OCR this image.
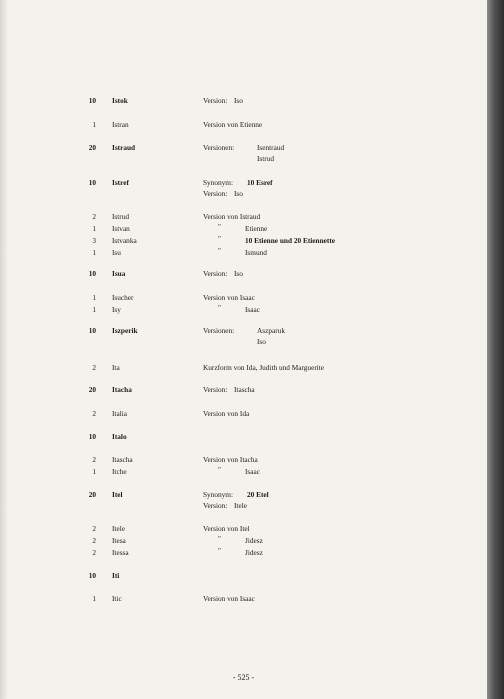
10 Istok	Version: Iso
1 Istran	Version von Etienne
20 Istraud	Versionen:	Isentraud
Istrud
10 Istref	Synonym: 10 Esref
Version: Iso
2 Istrud	Version von Istraud
1 Istvan	"	Etienne
3 Istvanka	"	10 Etienne und 20 Etiennette
1 Isu	"	Ismund
10 Isua	Version: Iso
1 Isucher	Version von Isaac
1 Isy	"	Isaac
10 Iszperik	Versionen:	Aszparuk
Iso
2 Ita	Kurzform von Ida, Judith und Marguerite
20 Itacha	Version: Itascha
2 Italia	Version von Ida
10 Italo
2 Itascha	Version von Itacha
1 Itche	"	Isaac
20 Itel	Synonym: 20 Etel
Version: Itele
2 Itele	Version von Itel
2 Itesa	"	Jidesz
2 Itessa	"	Jidesz
10 Iti
1 Itic	Version von Isaac
- 525 -
